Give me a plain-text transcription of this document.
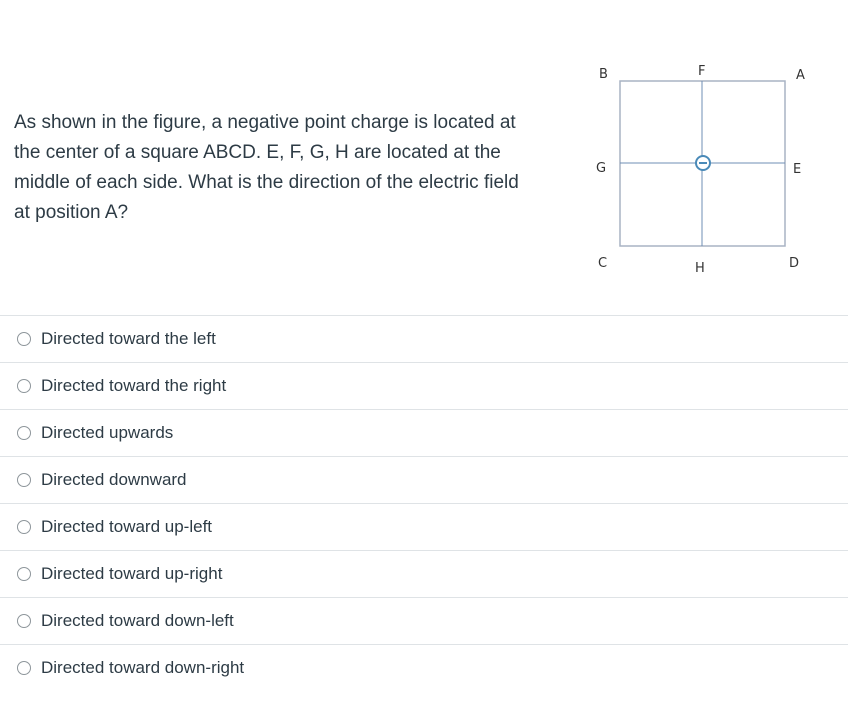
As shown in the figure, a negative point charge is located at the center of a square ABCD. E, F, G, H are located at the middle of each side. What is the direction of the electric field at position A?
B	F	A
G	E
C	H	D
Directed toward the left
Directed toward the right
Directed upwards
Directed downward
Directed toward up-left
Directed toward up-right
Directed toward down-left
Directed toward down-right
